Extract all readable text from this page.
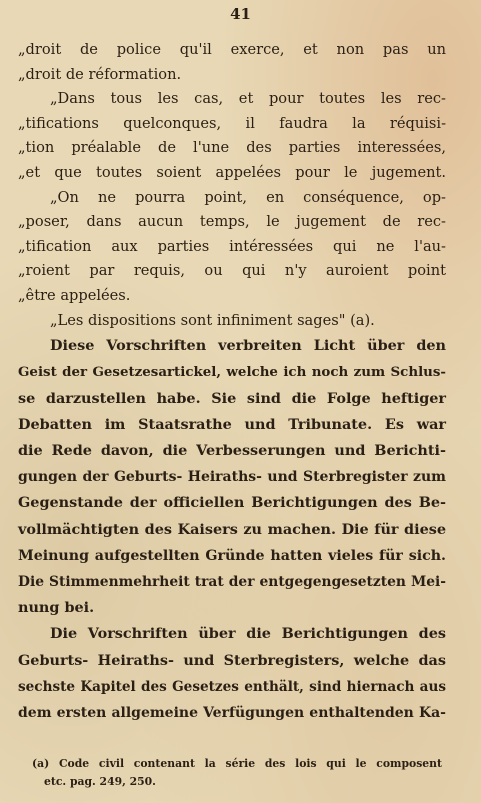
41
„droit de police qu'il exerce, et non pas un
„droit de réformation.
„Dans tous les cas, et pour toutes les rec-
„tifications quelconques, il faudra la réquisi-
„tion préalable de l'une des parties interessées,
„et que toutes soient appelées pour le jugement.
„On ne pourra point, en conséquence, op-
„poser, dans aucun temps, le jugement de rec-
„tification aux parties intéressées qui ne l'au-
„roient par requis, ou qui n'y auroient point
„être appelées.
„Les dispositions sont infiniment sages" (a).
Diese Vorschriften verbreiten Licht über den
Geist der Gesetzesartickel, welche ich noch zum Schlus-
se darzustellen habe. Sie sind die Folge heftiger
Debatten im Staatsrathe und Tribunate. Es war
die Rede davon, die Verbesserungen und Berichti-
gungen der Geburts- Heiraths- und Sterbregister zum
Gegenstande der officiellen Berichtigungen des Be-
vollmächtigten des Kaisers zu machen. Die für diese
Meinung aufgestellten Gründe hatten vieles für sich.
Die Stimmenmehrheit trat der entgegengesetzten Mei-
nung bei.
Die Vorschriften über die Berichtigungen des
Geburts- Heiraths- und Sterbregisters, welche das
sechste Kapitel des Gesetzes enthält, sind hiernach aus
dem ersten allgemeine Verfügungen enthaltenden Ka-
(a) Code civil contenant la série des lois qui le composent
etc. pag. 249, 250.
